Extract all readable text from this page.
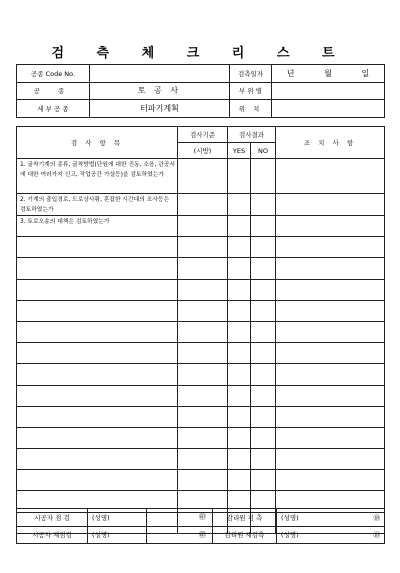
검 측 체 크 리 스 트
공종 Code No.		검측일자	년 월 일

공 종	토 공 사	부 위 별	
세 부 공 종	터파기계획	위 치	
검 사 항 목	검사기준	검사결과		조 치 사 항
	(시방)	YES	NO	
1. 굴착기계의 종류, 굴착방법(단원에 대한 진동, 소음, 관공서에 대한 여러가지 신고, 작업공간 가설등)을 검토하였는가				
2. 기계의 출입경로, 도로상사황, 혼잡한 시간대의 조사등은 검토하였는가				
3. 토로오송의 대책은 검토하였는가				

시공자 점 검	(성명)	㊞	감리원 검 측	(성명) ㊞

시공자 재점검	(성명)	㊞	감리원 재검측	(성명) ㊞
